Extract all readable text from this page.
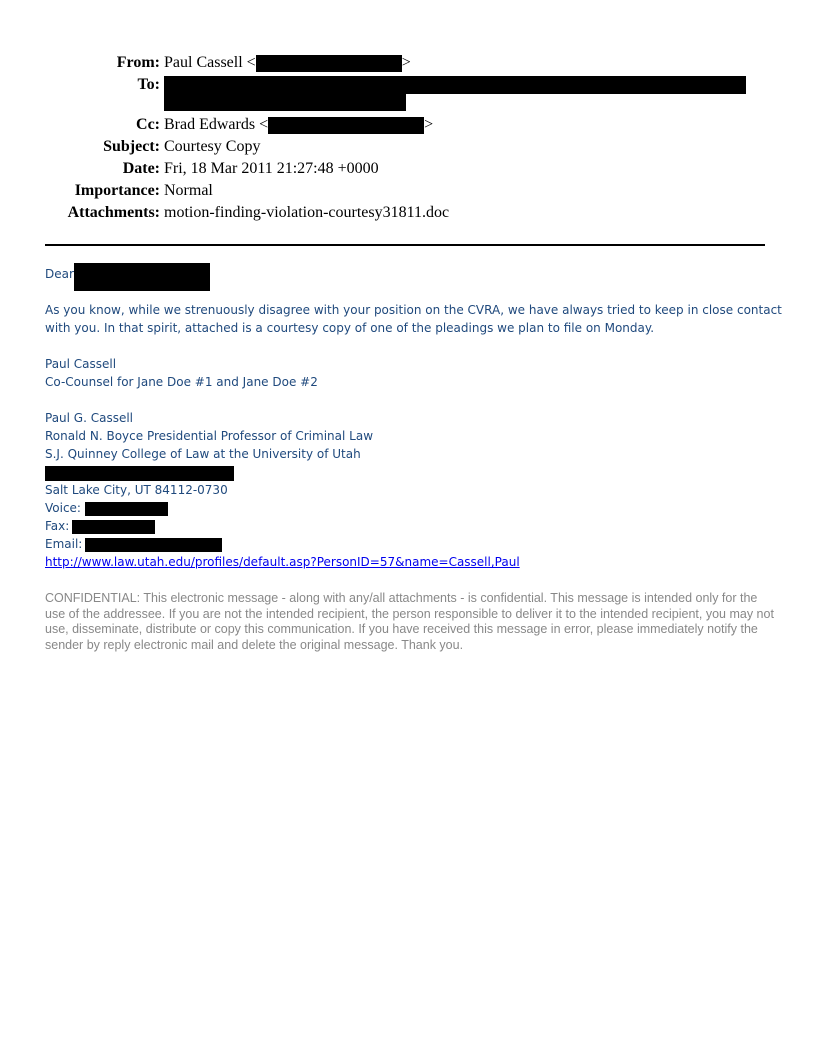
From: Paul Cassell <	>
To:
Cc: Brad Edwards <	>
Subject: Courtesy Copy
Date: Fri, 18 Mar 2011 21:27:48 +0000
Importance: Normal
Attachments: motion-finding-violation-courtesy31811.doc
Dear
As you know, while we strenuously disagree with your position on the CVRA, we have always tried to keep in close contact
with you. In that spirit, attached is a courtesy copy of one of the pleadings we plan to file on Monday.
Paul Cassell
Co-Counsel for Jane Doe #1 and Jane Doe #2
Paul G. Cassell
Ronald N. Boyce Presidential Professor of Criminal Law
S.J. Quinney College of Law at the University of Utah
Salt Lake City, UT 84112-0730
Voice:
Fax:
Email:
http://www.law.utah.edu/profiles/default.asp?PersonID=57&name=Cassell,Paul
CONFIDENTIAL: This electronic message - along with any/all attachments - is confidential. This message is intended only for the use of the addressee. If you are not the intended recipient, the person responsible to deliver it to the intended recipient, you may not use, disseminate, distribute or copy this communication. If you have received this message in error, please immediately notify the sender by reply electronic mail and delete the original message. Thank you.
